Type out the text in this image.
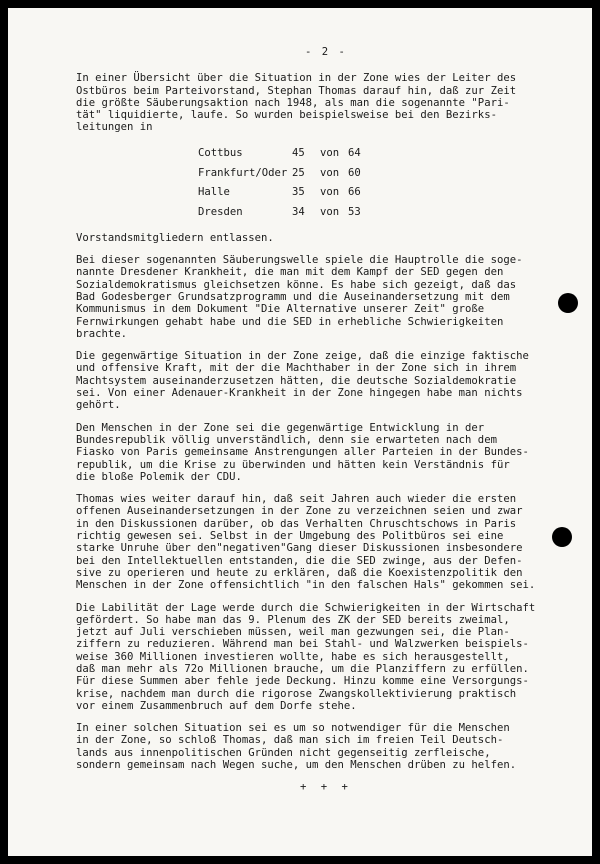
- 2 -

In einer Übersicht über die Situation in der Zone wies der Leiter des
Ostbüros beim Parteivorstand, Stephan Thomas darauf hin, daß zur Zeit
die größte Säuberungsaktion nach 1948, als man die sogenannte "Pari-
tät" liquidierte, laufe. So wurden beispielsweise bei den Bezirks-
leitungen in

Cottbus	45	von 64
Frankfurt/Oder 25	von 60
Halle	35	von 66
Dresden	34	von 53

Vorstandsmitgliedern entlassen.

Bei dieser sogenannten Säuberungswelle spiele die Hauptrolle die soge-
nannte Dresdener Krankheit, die man mit dem Kampf der SED gegen den
Sozialdemokratismus gleichsetzen könne. Es habe sich gezeigt, daß das
Bad Godesberger Grundsatzprogramm und die Auseinandersetzung mit dem
Kommunismus in dem Dokument "Die Alternative unserer Zeit" große
Fernwirkungen gehabt habe und die SED in erhebliche Schwierigkeiten
brachte.

Die gegenwärtige Situation in der Zone zeige, daß die einzige faktische
und offensive Kraft, mit der die Machthaber in der Zone sich in ihrem
Machtsystem auseinanderzusetzen hätten, die deutsche Sozialdemokratie
sei. Von einer Adenauer-Krankheit in der Zone hingegen habe man nichts
gehört.

Den Menschen in der Zone sei die gegenwärtige Entwicklung in der
Bundesrepublik völlig unverständlich, denn sie erwarteten nach dem
Fiasko von Paris gemeinsame Anstrengungen aller Parteien in der Bundes-
republik, um die Krise zu überwinden und hätten kein Verständnis für
die bloße Polemik der CDU.

Thomas wies weiter darauf hin, daß seit Jahren auch wieder die ersten
offenen Auseinandersetzungen in der Zone zu verzeichnen seien und zwar
in den Diskussionen darüber, ob das Verhalten Chruschtschows in Paris
richtig gewesen sei. Selbst in der Umgebung des Politbüros sei eine
starke Unruhe über den"negativen"Gang dieser Diskussionen insbesondere
bei den Intellektuellen entstanden, die die SED zwinge, aus der Defen-
sive zu operieren und heute zu erklären, daß die Koexistenzpolitik den
Menschen in der Zone offensichtlich "in den falschen Hals" gekommen sei.

Die Labilität der Lage werde durch die Schwierigkeiten in der Wirtschaft
gefördert. So habe man das 9. Plenum des ZK der SED bereits zweimal,
jetzt auf Juli verschieben müssen, weil man gezwungen sei, die Plan-
ziffern zu reduzieren. Während man bei Stahl- und Walzwerken beispiels-
weise 360 Millionen investieren wollte, habe es sich herausgestellt,
daß man mehr als 72o Millionen brauche, um die Planziffern zu erfüllen.
Für diese Summen aber fehle jede Deckung. Hinzu komme eine Versorgungs-
krise, nachdem man durch die rigorose Zwangskollektivierung praktisch
vor einem Zusammenbruch auf dem Dorfe stehe.

In einer solchen Situation sei es um so notwendiger für die Menschen
in der Zone, so schloß Thomas, daß man sich im freien Teil Deutsch-
lands aus innenpolitischen Gründen nicht gegenseitig zerfleische,
sondern gemeinsam nach Wegen suche, um den Menschen drüben zu helfen.

+ + +
